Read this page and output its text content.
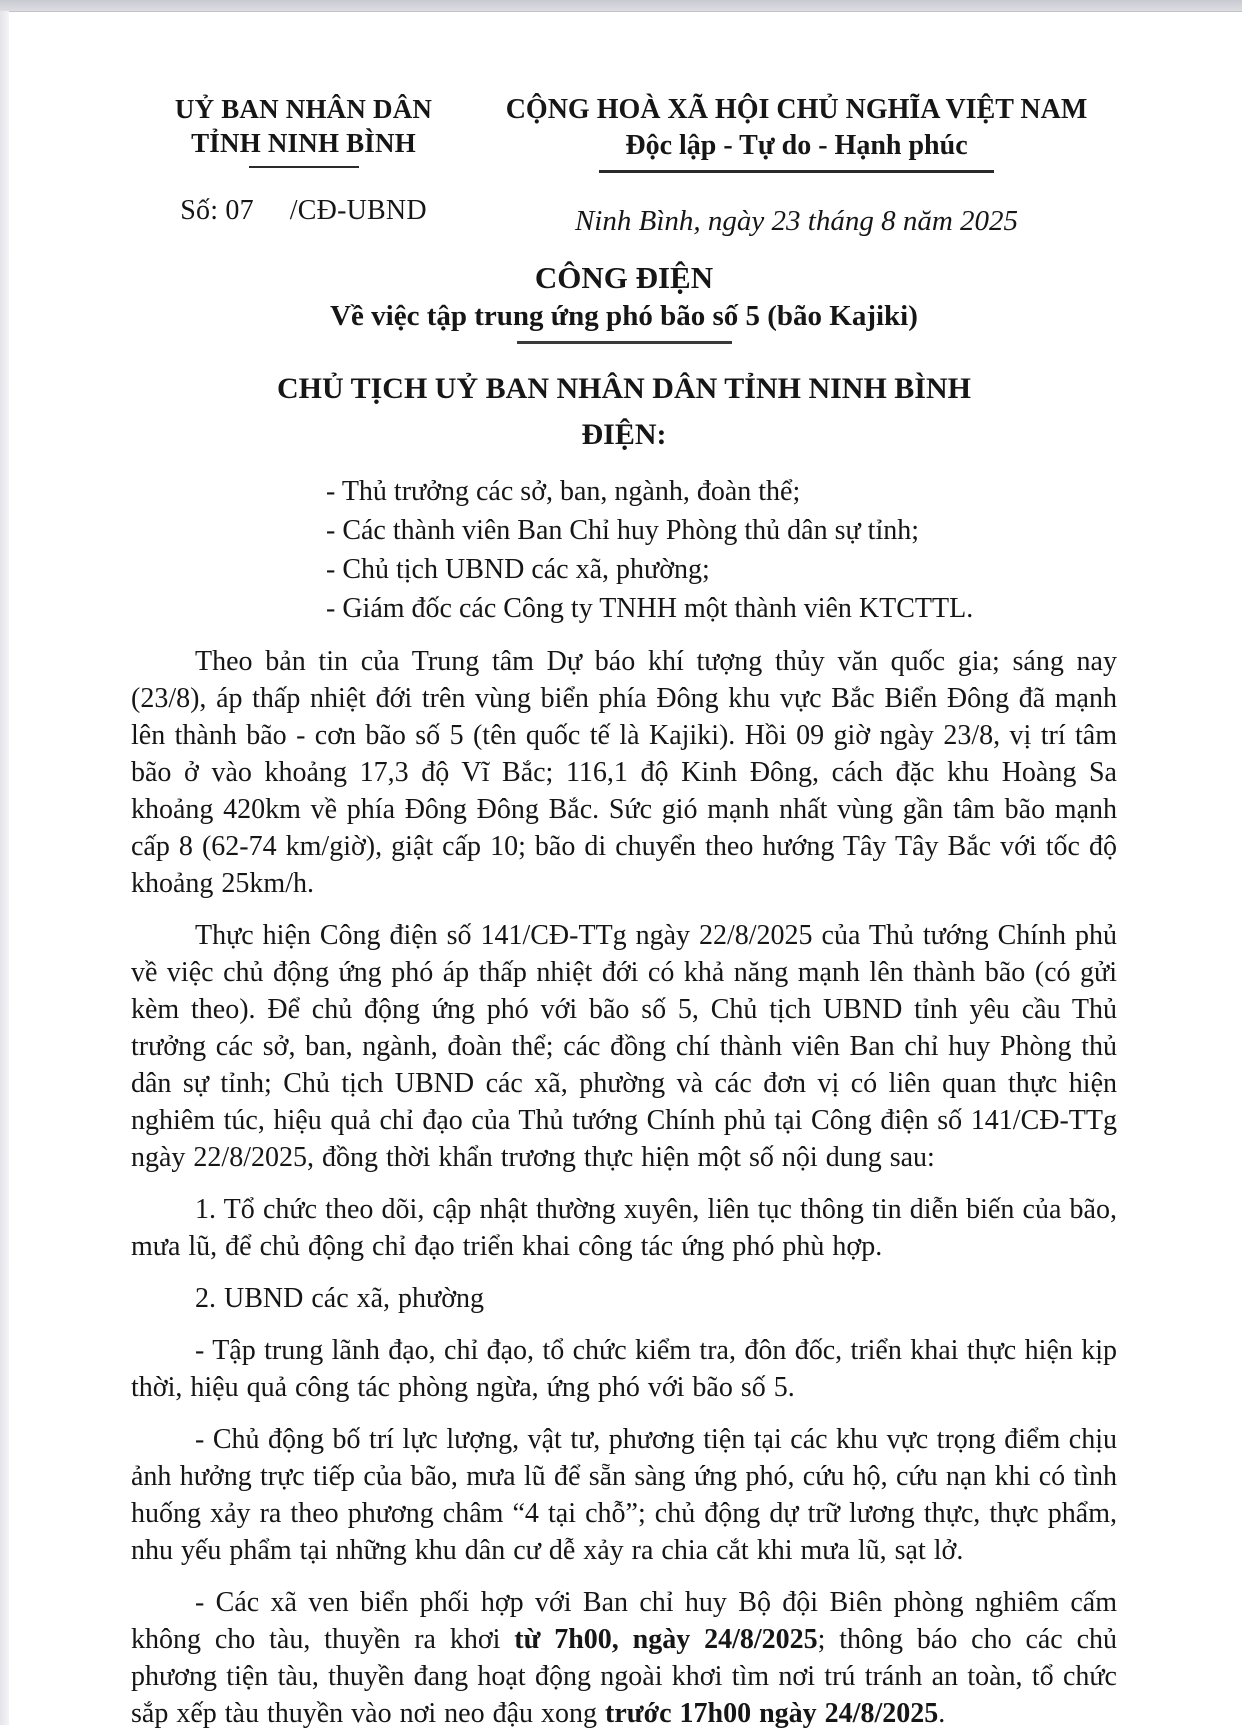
UỶ BAN NHÂN DÂN
TỈNH NINH BÌNH
Số: 07 /CĐ-UBND
CỘNG HOÀ XÃ HỘI CHỦ NGHĨA VIỆT NAM
Độc lập - Tự do - Hạnh phúc
Ninh Bình, ngày 23 tháng 8 năm 2025
CÔNG ĐIỆN
Về việc tập trung ứng phó bão số 5 (bão Kajiki)
CHỦ TỊCH UỶ BAN NHÂN DÂN TỈNH NINH BÌNH
ĐIỆN:
- Thủ trưởng các sở, ban, ngành, đoàn thể;
- Các thành viên Ban Chỉ huy Phòng thủ dân sự tỉnh;
- Chủ tịch UBND các xã, phường;
- Giám đốc các Công ty TNHH một thành viên KTCTTL.

Theo bản tin của Trung tâm Dự báo khí tượng thủy văn quốc gia; sáng nay (23/8), áp thấp nhiệt đới trên vùng biển phía Đông khu vực Bắc Biển Đông đã mạnh lên thành bão - cơn bão số 5 (tên quốc tế là Kajiki). Hồi 09 giờ ngày 23/8, vị trí tâm bão ở vào khoảng 17,3 độ Vĩ Bắc; 116,1 độ Kinh Đông, cách đặc khu Hoàng Sa khoảng 420km về phía Đông Đông Bắc. Sức gió mạnh nhất vùng gần tâm bão mạnh cấp 8 (62-74 km/giờ), giật cấp 10; bão di chuyển theo hướng Tây Tây Bắc với tốc độ khoảng 25km/h.

Thực hiện Công điện số 141/CĐ-TTg ngày 22/8/2025 của Thủ tướng Chính phủ về việc chủ động ứng phó áp thấp nhiệt đới có khả năng mạnh lên thành bão (có gửi kèm theo). Để chủ động ứng phó với bão số 5, Chủ tịch UBND tỉnh yêu cầu Thủ trưởng các sở, ban, ngành, đoàn thể; các đồng chí thành viên Ban chỉ huy Phòng thủ dân sự tỉnh; Chủ tịch UBND các xã, phường và các đơn vị có liên quan thực hiện nghiêm túc, hiệu quả chỉ đạo của Thủ tướng Chính phủ tại Công điện số 141/CĐ-TTg ngày 22/8/2025, đồng thời khẩn trương thực hiện một số nội dung sau:

1. Tổ chức theo dõi, cập nhật thường xuyên, liên tục thông tin diễn biến của bão, mưa lũ, để chủ động chỉ đạo triển khai công tác ứng phó phù hợp.

2. UBND các xã, phường

- Tập trung lãnh đạo, chỉ đạo, tổ chức kiểm tra, đôn đốc, triển khai thực hiện kịp thời, hiệu quả công tác phòng ngừa, ứng phó với bão số 5.

- Chủ động bố trí lực lượng, vật tư, phương tiện tại các khu vực trọng điểm chịu ảnh hưởng trực tiếp của bão, mưa lũ để sẵn sàng ứng phó, cứu hộ, cứu nạn khi có tình huống xảy ra theo phương châm “4 tại chỗ”; chủ động dự trữ lương thực, thực phẩm, nhu yếu phẩm tại những khu dân cư dễ xảy ra chia cắt khi mưa lũ, sạt lở.

- Các xã ven biển phối hợp với Ban chỉ huy Bộ đội Biên phòng nghiêm cấm không cho tàu, thuyền ra khơi từ 7h00, ngày 24/8/2025; thông báo cho các chủ phương tiện tàu, thuyền đang hoạt động ngoài khơi tìm nơi trú tránh an toàn, tổ chức sắp xếp tàu thuyền vào nơi neo đậu xong trước 17h00 ngày 24/8/2025.
